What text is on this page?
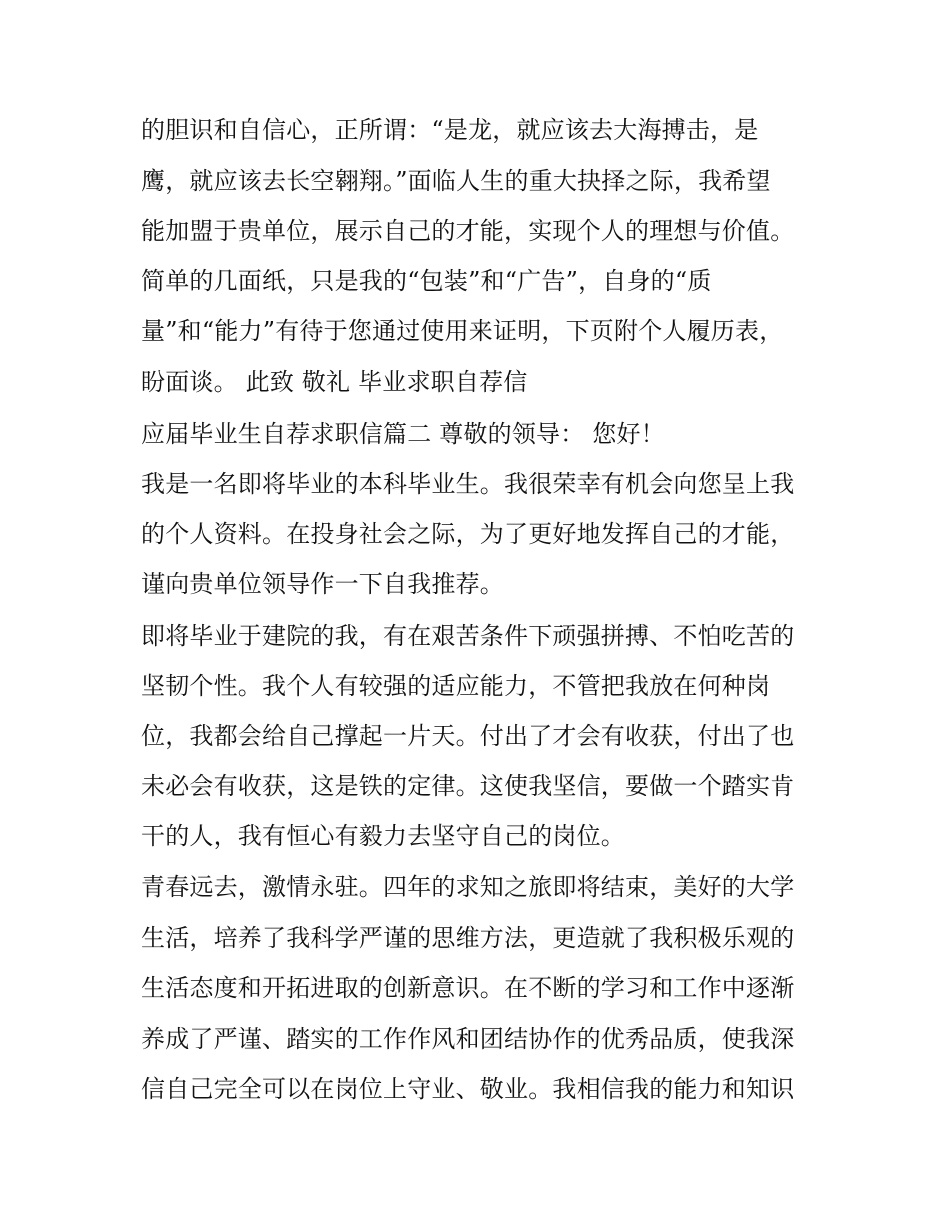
的胆识和自信心，正所谓：“是龙，就应该去大海搏击，是
鹰，就应该去长空翱翔。”面临人生的重大抉择之际，我希望
能加盟于贵单位，展示自己的才能，实现个人的理想与价值。
简单的几面纸，只是我的“包装”和“广告”，自身的“质
量”和“能力”有待于您通过使用来证明，下页附个人履历表，
盼面谈。 此致 敬礼 毕业求职自荐信
应届毕业生自荐求职信篇二 尊敬的领导： 您好！
我是一名即将毕业的本科毕业生。我很荣幸有机会向您呈上我
的个人资料。在投身社会之际，为了更好地发挥自己的才能，
谨向贵单位领导作一下自我推荐。
即将毕业于建院的我，有在艰苦条件下顽强拼搏、不怕吃苦的
坚韧个性。我个人有较强的适应能力，不管把我放在何种岗
位，我都会给自己撑起一片天。付出了才会有收获，付出了也
未必会有收获，这是铁的定律。这使我坚信，要做一个踏实肯
干的人，我有恒心有毅力去坚守自己的岗位。
青春远去，激情永驻。四年的求知之旅即将结束，美好的大学
生活，培养了我科学严谨的思维方法，更造就了我积极乐观的
生活态度和开拓进取的创新意识。在不断的学习和工作中逐渐
养成了严谨、踏实的工作作风和团结协作的优秀品质，使我深
信自己完全可以在岗位上守业、敬业。我相信我的能力和知识
